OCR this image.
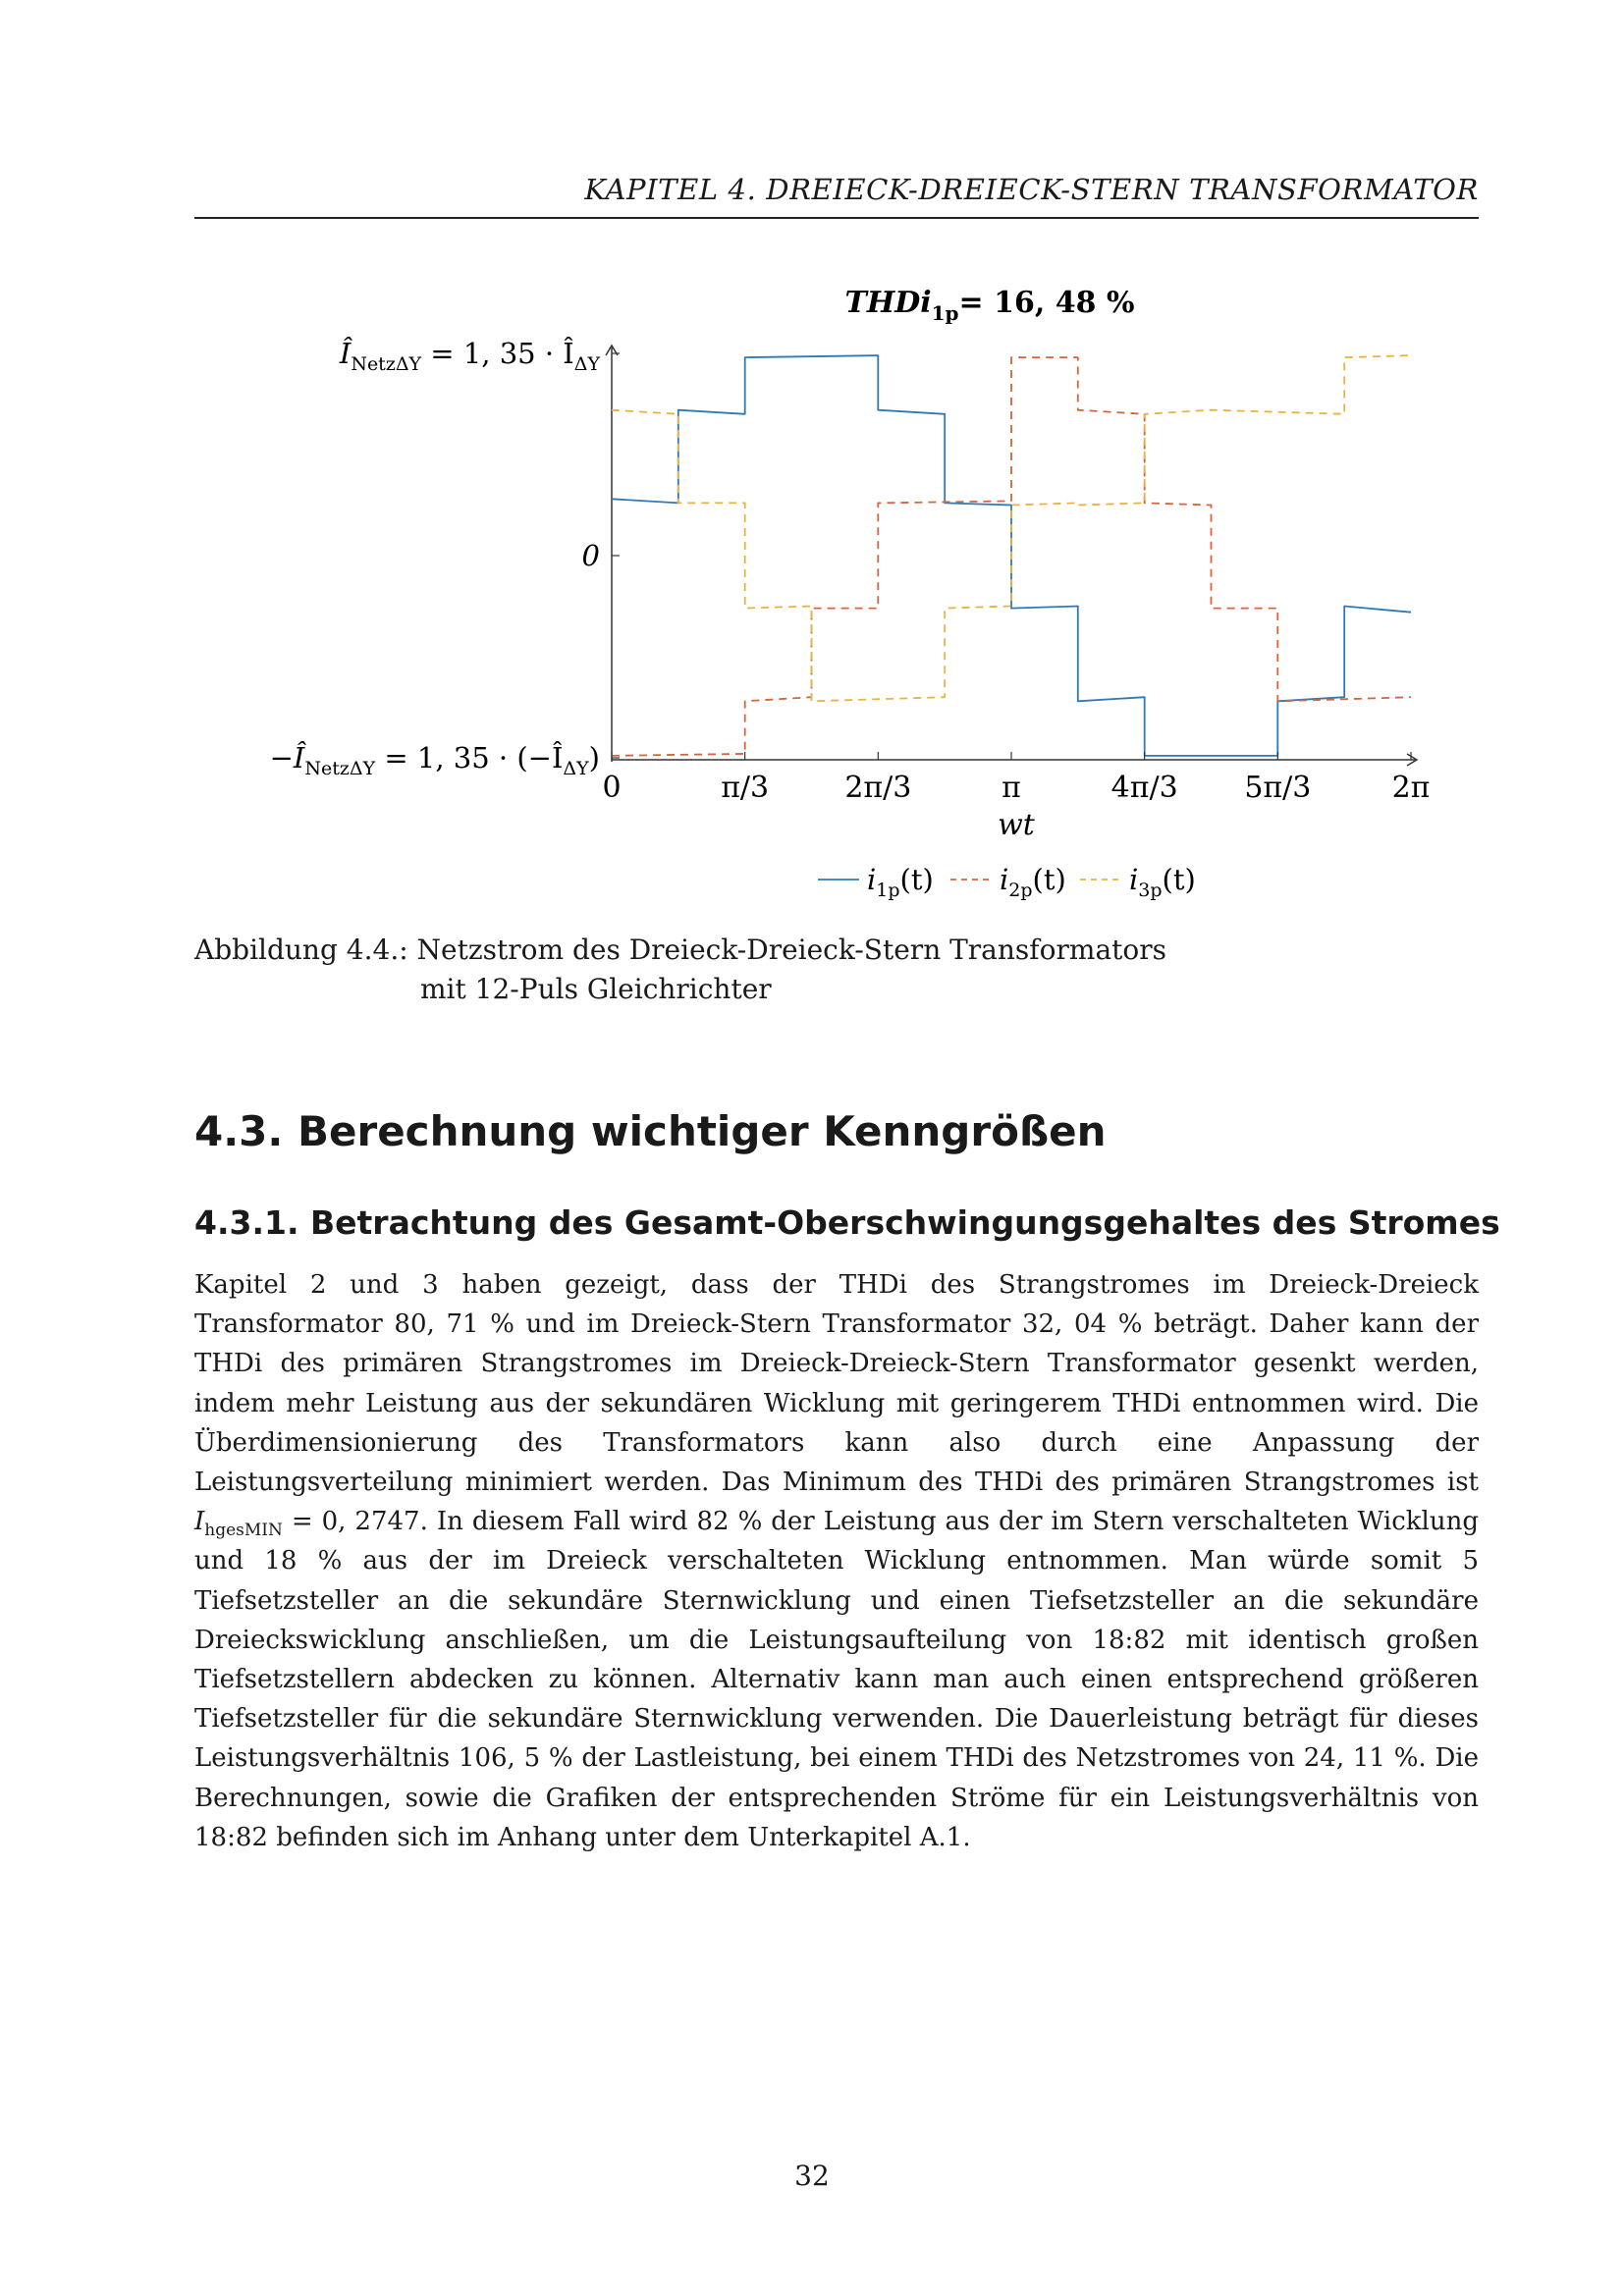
KAPITEL 4. DREIECK-DREIECK-STERN TRANSFORMATOR
THDi$_{1p}$= 16, 48 %
0	π/3	2π/3	π	4π/3 5π/3	2π
wt
$Î_{Netz\Delta Y} = 1$, $35 \cdot Î_{\Delta Y}$
0
$-Î_{Netz\Delta Y} = 1$, $35 \cdot (-Î_{\Delta Y})$
$i_{1p}(t)$ $i_{2p}(t)$ $i_{3p}(t)$
Abbildung 4.4.: Netzstrom des Dreieck-Dreieck-Stern Transformators
mit 12-Puls Gleichrichter
4.3. Berechnung wichtiger Kenngrößen
4.3.1. Betrachtung des Gesamt-Oberschwingungsgehaltes des Stromes

Kapitel 2 und 3 haben gezeigt, dass der THDi des Strangstromes im Dreieck-Dreieck Transformator 80, 71 % und im Dreieck-Stern Transformator 32, 04 % beträgt. Daher kann der THDi des primären Strangstromes im Dreieck-Dreieck-Stern Transformator gesenkt werden, indem mehr Leistung aus der sekundären Wicklung mit geringerem THDi entnommen wird. Die Überdimensionierung des Transformators kann also durch eine Anpassung der Leistungsverteilung minimiert werden. Das Minimum des THDi des primären Strangstromes ist $I_{hgesMIN} = 0$, 2747. In diesem Fall wird 82 % der Leistung aus der im Stern verschalteten Wicklung und 18 % aus der im Dreieck verschalteten Wicklung entnommen. Man würde somit 5 Tiefsetzsteller an die sekundäre Sternwicklung und einen Tiefsetzsteller an die sekundäre Dreieckswicklung anschließen, um die Leistungsaufteilung von 18:82 mit identisch großen Tiefsetzstellern abdecken zu können. Alternativ kann man auch einen entsprechend größeren Tiefsetzsteller für die sekundäre Sternwicklung verwenden. Die Dauerleistung beträgt für dieses Leistungsverhältnis 106, 5 % der Lastleistung, bei einem THDi des Netzstromes von 24, 11 %. Die Berechnungen, sowie die Grafiken der entsprechenden Ströme für ein Leistungsverhältnis von 18:82 befinden sich im Anhang unter dem Unterkapitel A.1.

32
